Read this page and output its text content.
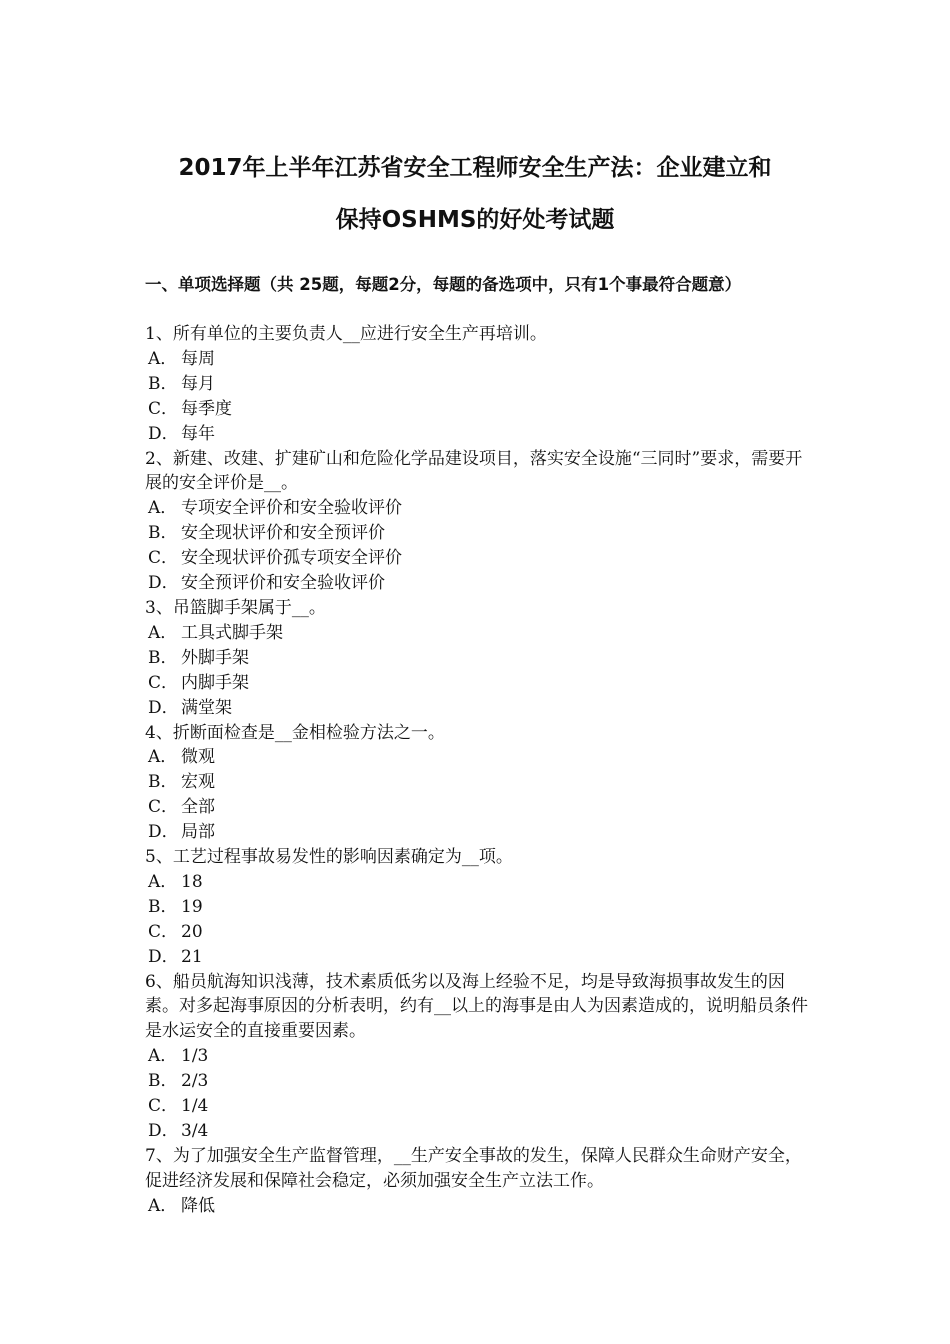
2017年上半年江苏省安全工程师安全生产法：企业建立和
保持OSHMS的好处考试题
一、单项选择题（共 25题，每题2分，每题的备选项中，只有1个事最符合题意）
1、所有单位的主要负责人__应进行安全生产再培训。
A． 每周
B． 每月
C． 每季度
D． 每年
2、新建、改建、扩建矿山和危险化学品建设项目，落实安全设施“三同时”要求，需要开展的安全评价是__。
A． 专项安全评价和安全验收评价
B． 安全现状评价和安全预评价
C． 安全现状评价孤专项安全评价
D． 安全预评价和安全验收评价
3、吊篮脚手架属于__。
A． 工具式脚手架
B． 外脚手架
C． 内脚手架
D． 满堂架
4、折断面检查是__金相检验方法之一。
A． 微观
B． 宏观
C． 全部
D． 局部
5、工艺过程事故易发性的影响因素确定为__项。
A． 18
B． 19
C． 20
D． 21
6、船员航海知识浅薄，技术素质低劣以及海上经验不足，均是导致海损事故发生的因素。对多起海事原因的分析表明，约有__以上的海事是由人为因素造成的，说明船员条件是水运安全的直接重要因素。
A． 1/3
B． 2/3
C． 1/4
D． 3/4
7、为了加强安全生产监督管理，__生产安全事故的发生，保障人民群众生命财产安全，促进经济发展和保障社会稳定，必须加强安全生产立法工作。
A． 降低
